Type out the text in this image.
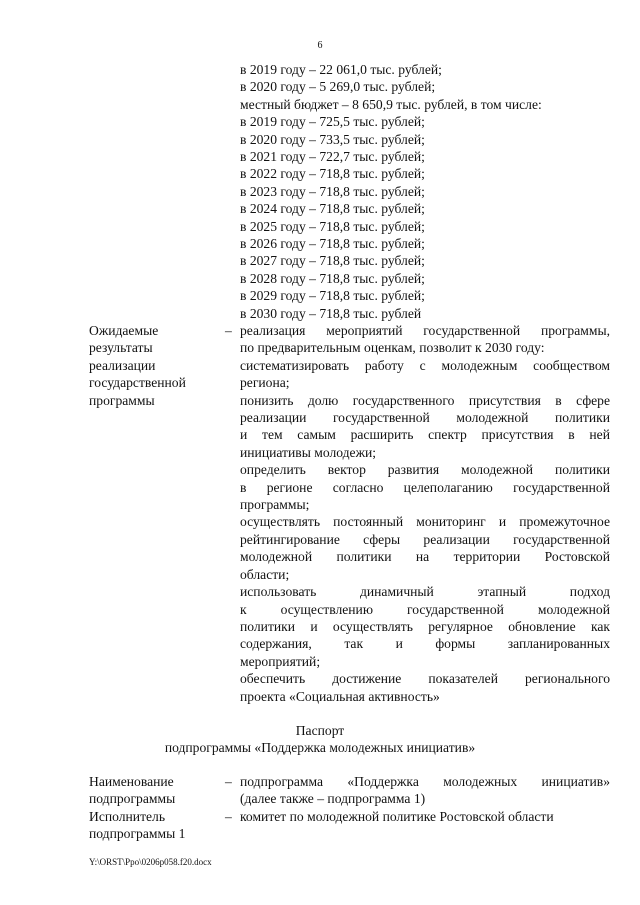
6
в 2019 году – 22 061,0 тыс. рублей;
в 2020 году – 5 269,0 тыс. рублей;
местный бюджет – 8 650,9 тыс. рублей, в том числе:
в 2019 году – 725,5 тыс. рублей;
в 2020 году – 733,5 тыс. рублей;
в 2021 году – 722,7 тыс. рублей;
в 2022 году – 718,8 тыс. рублей;
в 2023 году – 718,8 тыс. рублей;
в 2024 году – 718,8 тыс. рублей;
в 2025 году – 718,8 тыс. рублей;
в 2026 году – 718,8 тыс. рублей;
в 2027 году – 718,8 тыс. рублей;
в 2028 году – 718,8 тыс. рублей;
в 2029 году – 718,8 тыс. рублей;
в 2030 году – 718,8 тыс. рублей
Ожидаемые
результаты
реализации
государственной
программы
– реализация мероприятий государственной программы,
по предварительным оценкам, позволит к 2030 году:
систематизировать работу с молодежным сообществом
региона;
понизить долю государственного присутствия в сфере
реализации государственной молодежной политики
и тем самым расширить спектр присутствия в ней
инициативы молодежи;
определить вектор развития молодежной политики
в регионе согласно целеполаганию государственной
программы;
осуществлять постоянный мониторинг и промежуточное
рейтингирование сферы реализации государственной
молодежной политики на территории Ростовской
области;
использовать динамичный этапный подход
к осуществлению государственной молодежной
политики и осуществлять регулярное обновление как
содержания, так и формы запланированных
мероприятий;
обеспечить достижение показателей регионального
проекта «Социальная активность»
Паспорт
подпрограммы «Поддержка молодежных инициатив»
Наименование
подпрограммы
– подпрограмма «Поддержка молодежных инициатив»
(далее также – подпрограмма 1)
Исполнитель
подпрограммы 1
– комитет по молодежной политике Ростовской области
Y:\ORST\Ppo\0206p058.f20.docx
